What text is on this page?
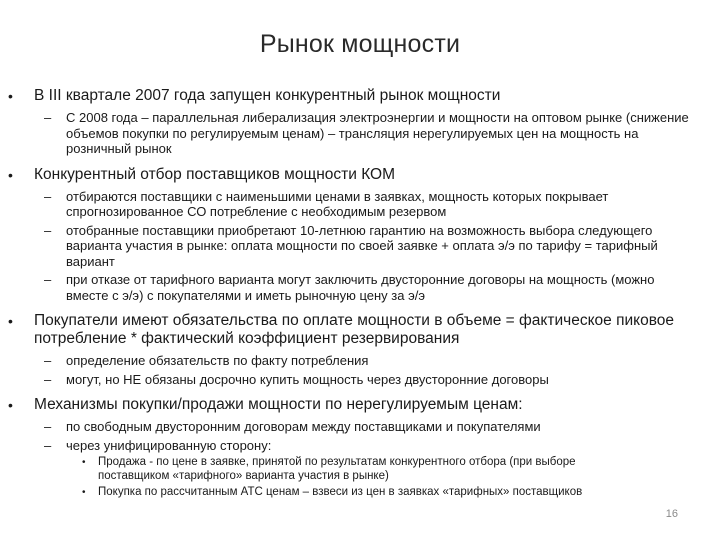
Рынок мощности
• В III квартале 2007 года запущен конкурентный рынок мощности
– С 2008 года – параллельная либерализация электроэнергии и мощности на оптовом рынке (снижение объемов покупки по регулируемым ценам) – трансляция нерегулируемых цен на мощность на розничный рынок
• Конкурентный отбор поставщиков мощности КОМ
– отбираются поставщики с наименьшими ценами в заявках, мощность которых покрывает спрогнозированное СО потребление с необходимым резервом
– отобранные поставщики приобретают 10-летнюю гарантию на возможность выбора следующего варианта участия в рынке: оплата мощности по своей заявке + оплата э/э по тарифу = тарифный вариант
– при отказе от тарифного варианта могут заключить двусторонние договоры на мощность (можно вместе с э/э) с покупателями и иметь рыночную цену за э/э
• Покупатели имеют обязательства по оплате мощности в объеме = фактическое пиковое потребление * фактический коэффициент резервирования
– определение обязательств по факту потребления
– могут, но НЕ обязаны досрочно купить мощность через двусторонние договоры
• Механизмы покупки/продажи мощности по нерегулируемым ценам:
– по свободным двусторонним договорам между поставщиками и покупателями
– через унифицированную сторону:
• Продажа - по цене в заявке, принятой по результатам конкурентного отбора (при выборе поставщиком «тарифного» варианта участия в рынке)
• Покупка по рассчитанным АТС ценам – взвеси из цен в заявках «тарифных» поставщиков
16
